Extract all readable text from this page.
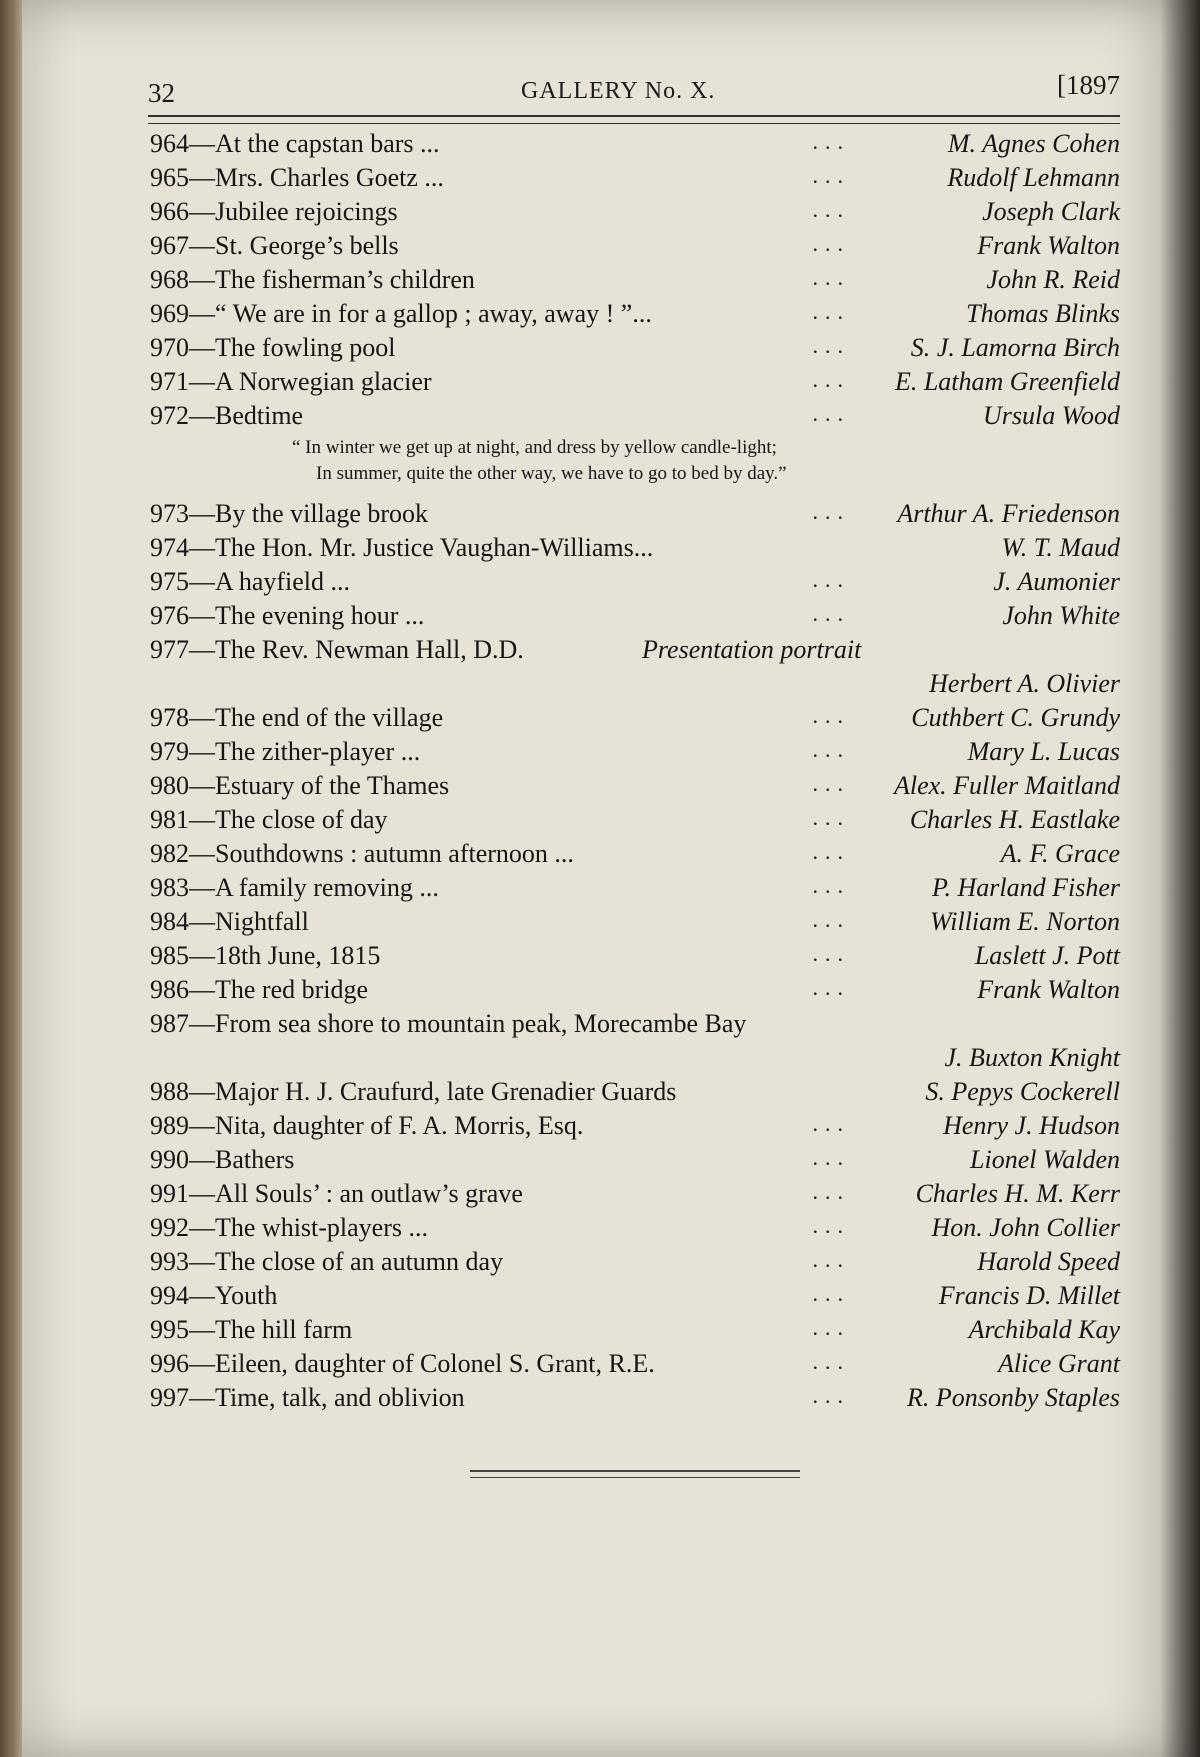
32	GALLERY No. X.	[1897
964—At the capstan bars ...	...	M. Agnes Cohen
965—Mrs. Charles Goetz ...	...	Rudolf Lehmann
966—Jubilee rejoicings	...	Joseph Clark
967—St. George’s bells	...	Frank Walton
968—The fisherman’s children	...	John R. Reid
969—“ We are in for a gallop ; away, away ! ”...	...	Thomas Blinks
970—The fowling pool	... S. J. Lamorna Birch
971—A Norwegian glacier	... E. Latham Greenfield
972—Bedtime	...	Ursula Wood
“ In winter we get up at night, and dress by yellow candle-light;
In summer, quite the other way, we have to go to bed by day.”
973—By the village brook	... Arthur A. Friedenson
974—The Hon. Mr. Justice Vaughan-Williams...	W. T. Maud
975—A hayfield ...	...	J. Aumonier
976—The evening hour ...	...	John White
977—The Rev. Newman Hall, D.D.	Presentation portrait
Herbert A. Olivier
978—The end of the village	... Cuthbert C. Grundy
979—The zither-player ...	...	Mary L. Lucas
980—Estuary of the Thames	... Alex. Fuller Maitland
981—The close of day	... Charles H. Eastlake
982—Southdowns : autumn afternoon ...	...	A. F. Grace
983—A family removing ...	...	P. Harland Fisher
984—Nightfall	...	William E. Norton
985—18th June, 1815	...	Laslett J. Pott
986—The red bridge	...	Frank Walton
987—From sea shore to mountain peak, Morecambe Bay
J. Buxton Knight
988—Major H. J. Craufurd, late Grenadier Guards	S. Pepys Cockerell
989—Nita, daughter of F. A. Morris, Esq.	...	Henry J. Hudson
990—Bathers	...	Lionel Walden
991—All Souls’ : an outlaw’s grave	...	Charles H. M. Kerr
992—The whist-players ...	...	Hon. John Collier
993—The close of an autumn day	...	Harold Speed
994—Youth	...	Francis D. Millet
995—The hill farm	...	Archibald Kay
996—Eileen, daughter of Colonel S. Grant, R.E.	...	Alice Grant
997—Time, talk, and oblivion	... R. Ponsonby Staples
